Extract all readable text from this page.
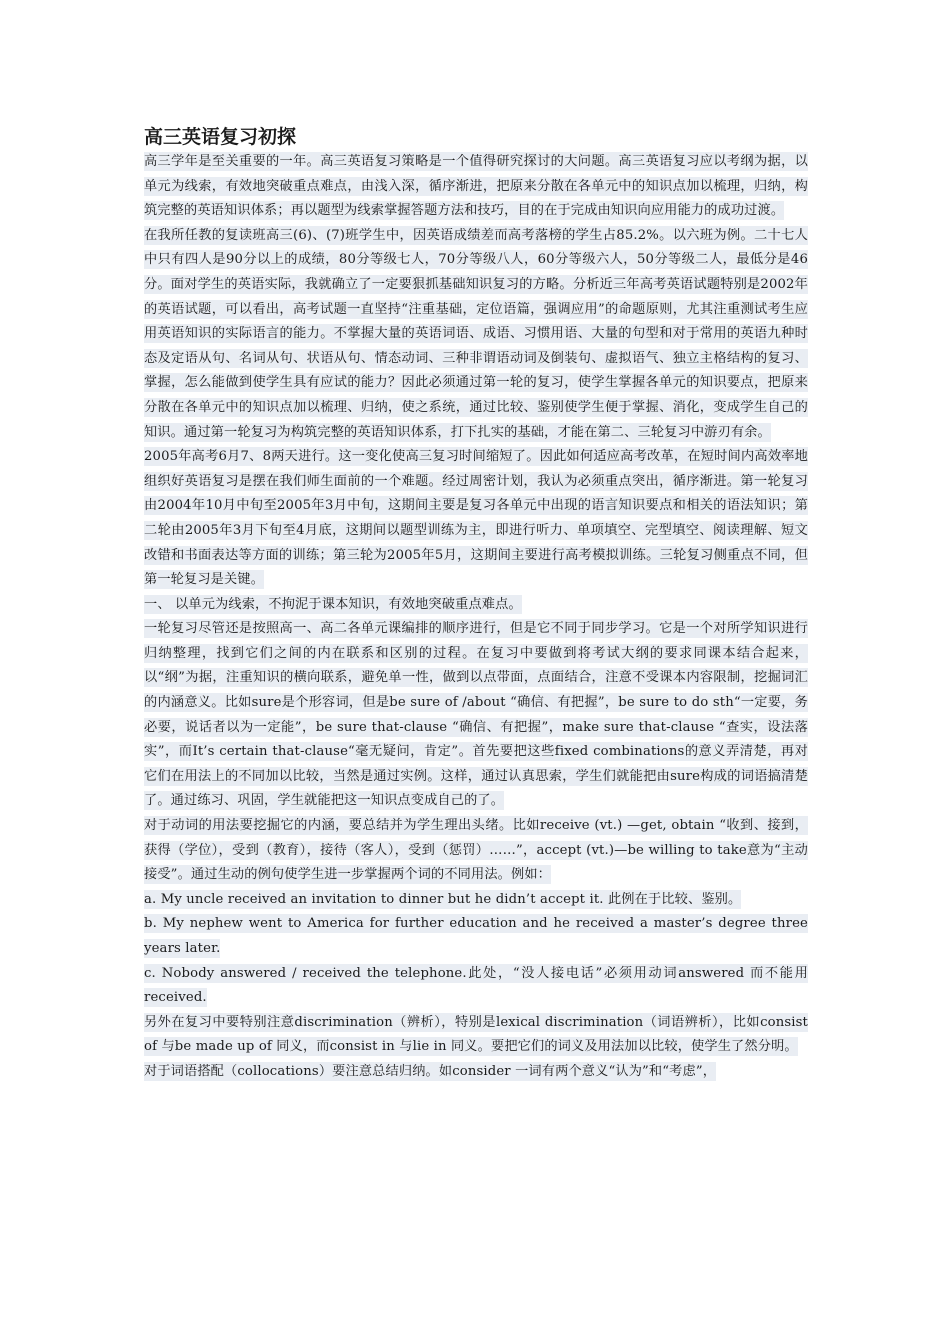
高三英语复习初探

高三学年是至关重要的一年。高三英语复习策略是一个值得研究探讨的大问题。高三英语复习应以考纲为据，以单元为线索，有效地突破重点难点，由浅入深，循序渐进，把原来分散在各单元中的知识点加以梳理，归纳，构筑完整的英语知识体系；再以题型为线索掌握答题方法和技巧，目的在于完成由知识向应用能力的成功过渡。

在我所任教的复读班高三(6)、(7)班学生中，因英语成绩差而高考落榜的学生占85.2%。以六班为例。二十七人中只有四人是90分以上的成绩，80分等级七人，70分等级八人，60分等级六人，50分等级二人，最低分是46分。面对学生的英语实际，我就确立了一定要狠抓基础知识复习的方略。分析近三年高考英语试题特别是2002年的英语试题，可以看出，高考试题一直坚持“注重基础，定位语篇，强调应用”的命题原则，尤其注重测试考生应用英语知识的实际语言的能力。不掌握大量的英语词语、成语、习惯用语、大量的句型和对于常用的英语九种时态及定语从句、名词从句、状语从句、情态动词、三种非谓语动词及倒装句、虚拟语气、独立主格结构的复习、掌握，怎么能做到使学生具有应试的能力？因此必须通过第一轮的复习，使学生掌握各单元的知识要点，把原来分散在各单元中的知识点加以梳理、归纳，使之系统，通过比较、鉴别使学生便于掌握、消化，变成学生自己的知识。通过第一轮复习为构筑完整的英语知识体系，打下扎实的基础，才能在第二、三轮复习中游刃有余。

2005年高考6月7、8两天进行。这一变化使高三复习时间缩短了。因此如何适应高考改革，在短时间内高效率地组织好英语复习是摆在我们师生面前的一个难题。经过周密计划，我认为必须重点突出，循序渐进。第一轮复习由2004年10月中旬至2005年3月中旬，这期间主要是复习各单元中出现的语言知识要点和相关的语法知识；第二轮由2005年3月下旬至4月底，这期间以题型训练为主，即进行听力、单项填空、完型填空、阅读理解、短文改错和书面表达等方面的训练；第三轮为2005年5月，这期间主要进行高考模拟训练。三轮复习侧重点不同，但第一轮复习是关键。

一、 以单元为线索，不拘泥于课本知识，有效地突破重点难点。

一轮复习尽管还是按照高一、高二各单元课编排的顺序进行，但是它不同于同步学习。它是一个对所学知识进行归纳整理，找到它们之间的内在联系和区别的过程。在复习中要做到将考试大纲的要求同课本结合起来，以“纲”为据，注重知识的横向联系，避免单一性，做到以点带面，点面结合，注意不受课本内容限制，挖掘词汇的内涵意义。比如sure是个形容词，但是be sure of /about “确信、有把握”，be sure to do sth“一定要，务必要，说话者以为一定能”，be sure that-clause “确信、有把握”，make sure that-clause “查实，设法落实”，而It’s certain that-clause“毫无疑问，肯定”。首先要把这些fixed combinations的意义弄清楚，再对它们在用法上的不同加以比较，当然是通过实例。这样，通过认真思索，学生们就能把由sure构成的词语搞清楚了。通过练习、巩固，学生就能把这一知识点变成自己的了。

对于动词的用法要挖掘它的内涵，要总结并为学生理出头绪。比如receive (vt.) —get, obtain “收到、接到，获得（学位），受到（教育），接待（客人），受到（惩罚）……”，accept (vt.)—be willing to take意为“主动接受”。通过生动的例句使学生进一步掌握两个词的不同用法。例如：

a. My uncle received an invitation to dinner but he didn’t accept it. 此例在于比较、鉴别。

b. My nephew went to America for further education and he received a master’s degree three years later.

c. Nobody answered / received the telephone.此处，“没人接电话”必须用动词answered 而不能用received.

另外在复习中要特别注意discrimination（辨析），特别是lexical discrimination（词语辨析），比如consist of 与be made up of 同义，而consist in 与lie in 同义。要把它们的词义及用法加以比较，使学生了然分明。

对于词语搭配（collocations）要注意总结归纳。如consider 一词有两个意义“认为”和“考虑”，
